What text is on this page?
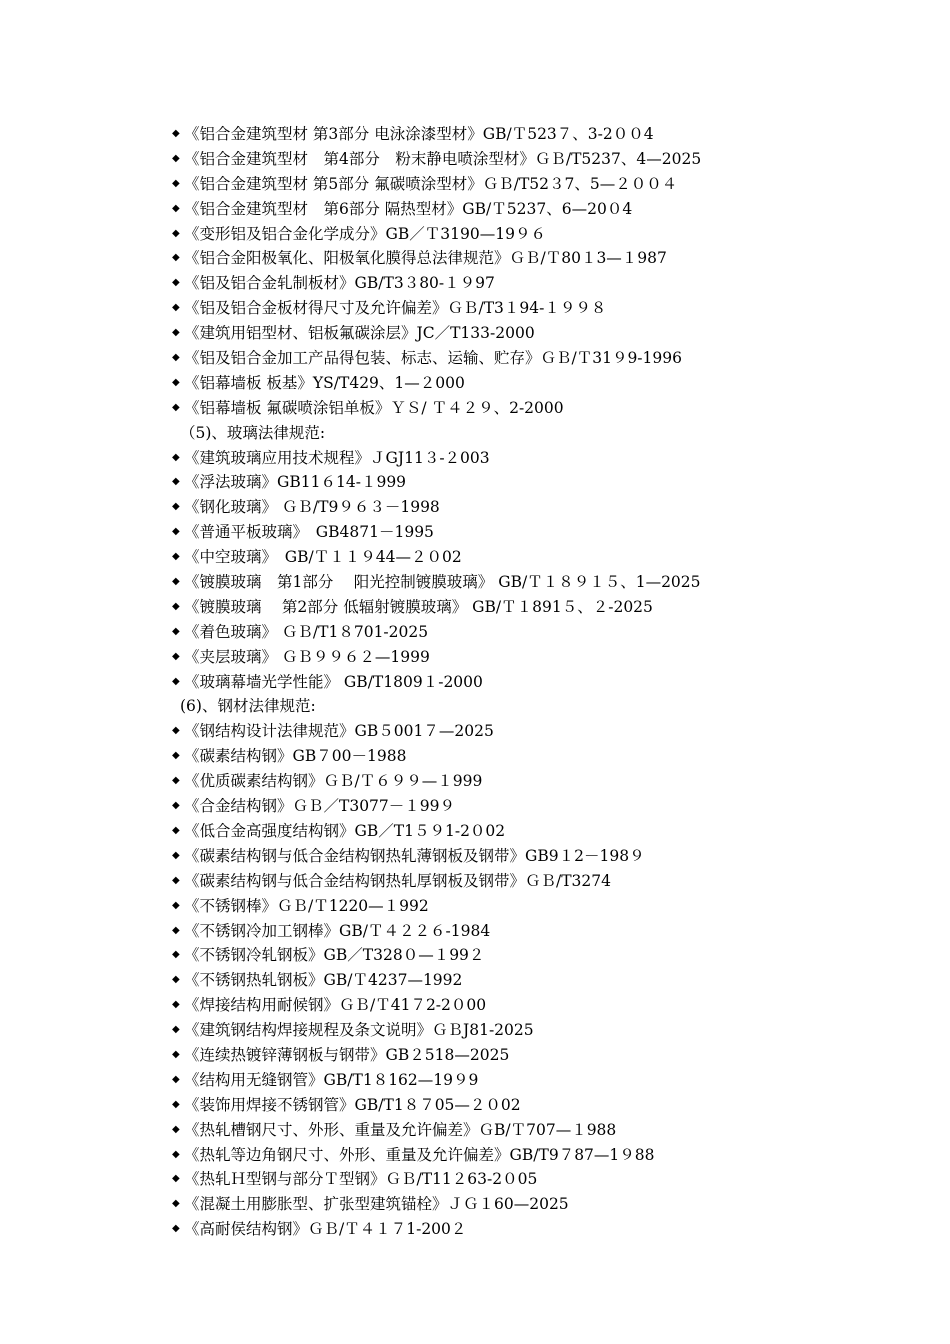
◆ 《铝合金建筑型材 第3部分 电泳涂漆型材》GB/Ｔ523７、3-2００4
◆ 《铝合金建筑型材　第4部分　粉末静电喷涂型材》ＧＢ/T5237、4—2025
◆ 《铝合金建筑型材 第5部分 氟碳喷涂型材》ＧＢ/T52３7、5—２００４
◆ 《铝合金建筑型材　第6部分 隔热型材》GB/Ｔ5237、6—20０4
◆ 《变形铝及铝合金化学成分》GB／Ｔ3190—19９６
◆ 《铝合金阳极氧化、阳极氧化膜得总法律规范》ＧＢ/Ｔ80１3—１987
◆ 《铝及铝合金轧制板材》GB/T3３80-１９97
◆ 《铝及铝合金板材得尺寸及允许偏差》ＧＢ/T3１94-１９９８
◆ 《建筑用铝型材、铝板氟碳涂层》JC／T133-2000
◆ 《铝及铝合金加工产品得包装、标志、运输、贮存》ＧＢ/Ｔ31９9-1996
◆ 《铝幕墙板 板基》YS/T429、1—２000
◆ 《铝幕墙板 氟碳喷涂铝单板》ＹＳ/ Ｔ４２９、2-2000
（5)、玻璃法律规范:
◆ 《建筑玻璃应用技术规程》ＪGJ11３-２003
◆ 《浮法玻璃》GB11６14-１999
◆ 《钢化玻璃》 ＧＢ/T9９６３－1998
◆ 《普通平板玻璃》　GB4871－1995
◆ 《中空玻璃》　GB/Ｔ１１９44—２０02
◆ 《镀膜玻璃　第1部分　 阳光控制镀膜玻璃》 GB/Ｔ１８９１５、1—2025
◆ 《镀膜玻璃　 第2部分 低辐射镀膜玻璃》 GB/Ｔ１891５、２-2025
◆ 《着色玻璃》 ＧＢ/T1８701-2025
◆ 《夹层玻璃》 ＧＢ９９６２—1999
◆ 《玻璃幕墙光学性能》 GB/T1809１-2000
(6)、钢材法律规范:
◆ 《钢结构设计法律规范》GB５001７—2025
◆ 《碳素结构钢》GB７00－1988
◆ 《优质碳素结构钢》ＧＢ/Ｔ６９９—１999
◆ 《合金结构钢》ＧＢ／T3077－１99９
◆ 《低合金高强度结构钢》GB／T1５９1-2０02
◆ 《碳素结构钢与低合金结构钢热轧薄钢板及钢带》GB9１2－198９
◆ 《碳素结构钢与低合金结构钢热轧厚钢板及钢带》ＧＢ/T3274
◆ 《不锈钢棒》ＧＢ/Ｔ1220—１992
◆ 《不锈钢冷加工钢棒》GB/Ｔ４２２６-1984
◆ 《不锈钢冷轧钢板》GB／T328０—１99２
◆ 《不锈钢热轧钢板》GB/Ｔ4237—1992
◆ 《焊接结构用耐候钢》ＧＢ/Ｔ41７2-2０00
◆ 《建筑钢结构焊接规程及条文说明》ＧＢJ81-2025
◆ 《连续热镀锌薄钢板与钢带》GB２518—2025
◆ 《结构用无缝钢管》GB/T1８162—19９9
◆ 《装饰用焊接不锈钢管》GB/T1８７05—２０02
◆ 《热轧槽钢尺寸、外形、重量及允许偏差》ＧB/Ｔ707—１988
◆ 《热轧等边角钢尺寸、外形、重量及允许偏差》GB/T9７87—1９88
◆ 《热轧Ｈ型钢与部分Ｔ型钢》ＧＢ/T11２63-2０05
◆ 《混凝土用膨胀型、扩张型建筑锚栓》ＪＧ１60—2025
◆ 《高耐侯结构钢》ＧＢ/Ｔ４１７1-200２
